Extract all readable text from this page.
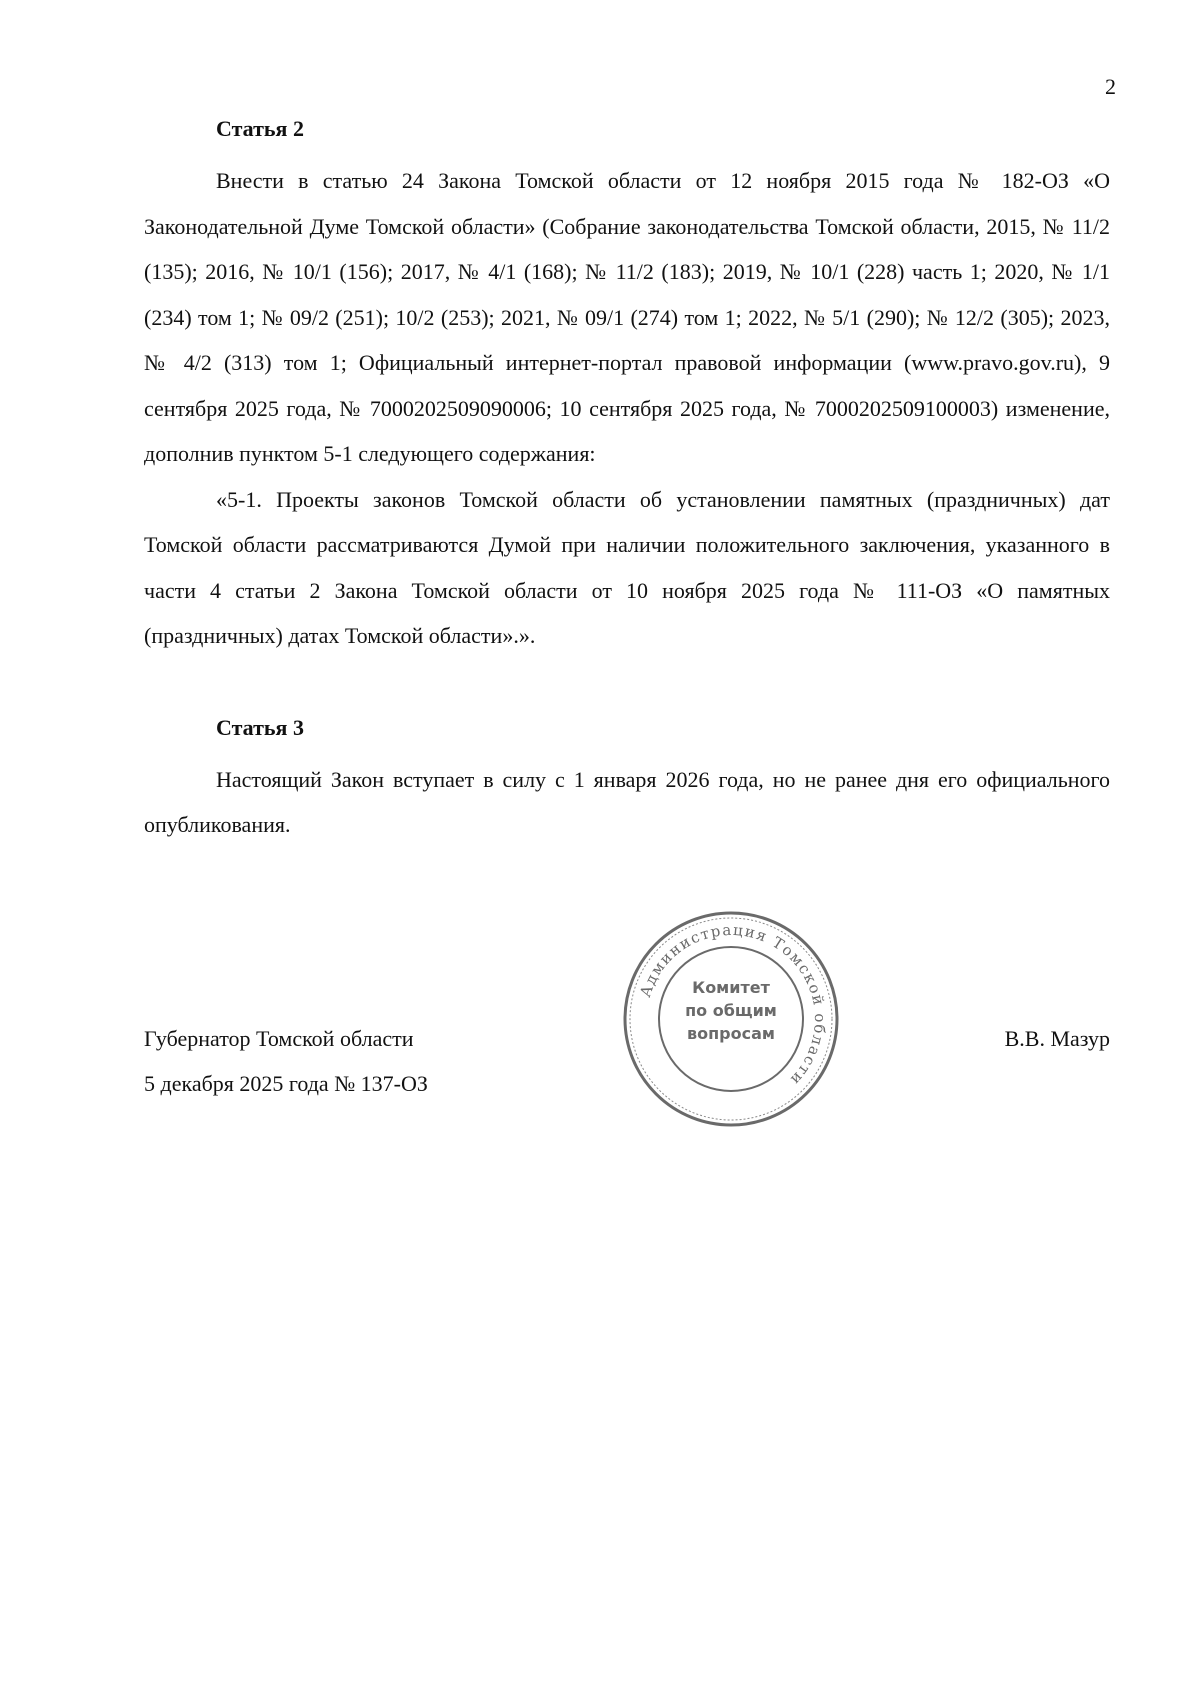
2
Статья 2

Внести в статью 24 Закона Томской области от 12 ноября 2015 года № 182-ОЗ «О Законодательной Думе Томской области» (Собрание законодательства Томской области, 2015, № 11/2 (135); 2016, № 10/1 (156); 2017, № 4/1 (168); № 11/2 (183); 2019, № 10/1 (228) часть 1; 2020, № 1/1 (234) том 1; № 09/2 (251); 10/2 (253); 2021, № 09/1 (274) том 1; 2022, № 5/1 (290); № 12/2 (305); 2023, № 4/2 (313) том 1; Официальный интернет-портал правовой информации (www.pravo.gov.ru), 9 сентября 2025 года, № 7000202509090006; 10 сентября 2025 года, № 7000202509100003) изменение, дополнив пунктом 5-1 следующего содержания:

«5-1. Проекты законов Томской области об установлении памятных (праздничных) дат Томской области рассматриваются Думой при наличии положительного заключения, указанного в части 4 статьи 2 Закона Томской области от 10 ноября 2025 года № 111-ОЗ «О памятных (праздничных) датах Томской области».».

Статья 3

Настоящий Закон вступает в силу с 1 января 2026 года, но не ранее дня его официального опубликования.

Губернатор Томской области
5 декабря 2025 года № 137-ОЗ
В.В. Мазур
Администрация Томской области
Комитет
по общим
вопросам
